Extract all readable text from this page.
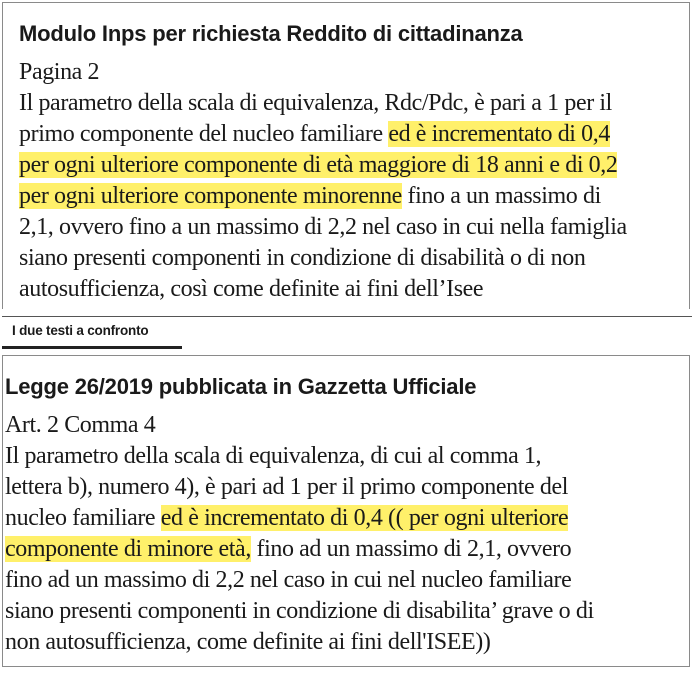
Modulo Inps per richiesta Reddito di cittadinanza

Pagina 2

Il parametro della scala di equivalenza, Rdc/Pdc, è pari a 1 per il
primo componente del nucleo familiare ed è incrementato di 0,4
per ogni ulteriore componente di età maggiore di 18 anni e di 0,2
per ogni ulteriore componente minorenne fino a un massimo di
2,1, ovvero fino a un massimo di 2,2 nel caso in cui nella famiglia
siano presenti componenti in condizione di disabilità o di non
autosufficienza, così come definite ai fini dell’Isee
I due testi a confronto
Legge 26/2019 pubblicata in Gazzetta Ufficiale

Art. 2 Comma 4

Il parametro della scala di equivalenza, di cui al comma 1,
lettera b), numero 4), è pari ad 1 per il primo componente del
nucleo familiare ed è incrementato di 0,4 (( per ogni ulteriore
componente di minore età, fino ad un massimo di 2,1, ovvero
fino ad un massimo di 2,2 nel caso in cui nel nucleo familiare
siano presenti componenti in condizione di disabilita’ grave o di
non autosufficienza, come definite ai fini dell'ISEE))
